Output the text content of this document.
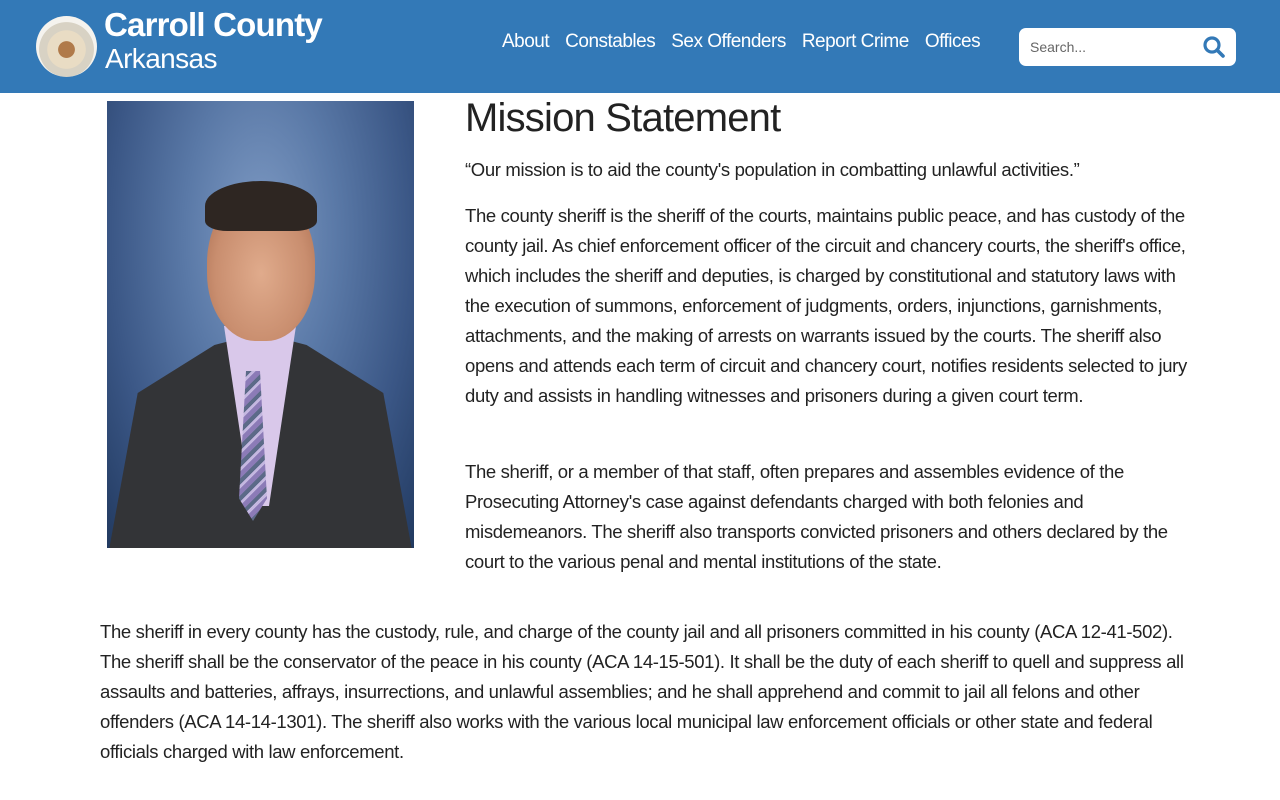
Carroll County
Arkansas
About Constables Sex Offenders Report Crime Offices
Search...
Mission Statement

“Our mission is to aid the county's population in combatting unlawful activities.”

The county sheriff is the sheriff of the courts, maintains public peace, and has custody of the county jail. As chief enforcement officer of the circuit and chancery courts, the sheriff's office, which includes the sheriff and deputies, is charged by constitutional and statutory laws with the execution of summons, enforcement of judgments, orders, injunctions, garnishments, attachments, and the making of arrests on warrants issued by the courts. The sheriff also opens and attends each term of circuit and chancery court, notifies residents selected to jury duty and assists in handling witnesses and prisoners during a given court term.

The sheriff, or a member of that staff, often prepares and assembles evidence of the Prosecuting Attorney's case against defendants charged with both felonies and misdemeanors. The sheriff also transports convicted prisoners and others declared by the court to the various penal and mental institutions of the state.

The sheriff in every county has the custody, rule, and charge of the county jail and all prisoners committed in his county (ACA 12-41-502). The sheriff shall be the conservator of the peace in his county (ACA 14-15-501). It shall be the duty of each sheriff to quell and suppress all assaults and batteries, affrays, insurrections, and unlawful assemblies; and he shall apprehend and commit to jail all felons and other offenders (ACA 14-14-1301). The sheriff also works with the various local municipal law enforcement officials or other state and federal officials charged with law enforcement.
